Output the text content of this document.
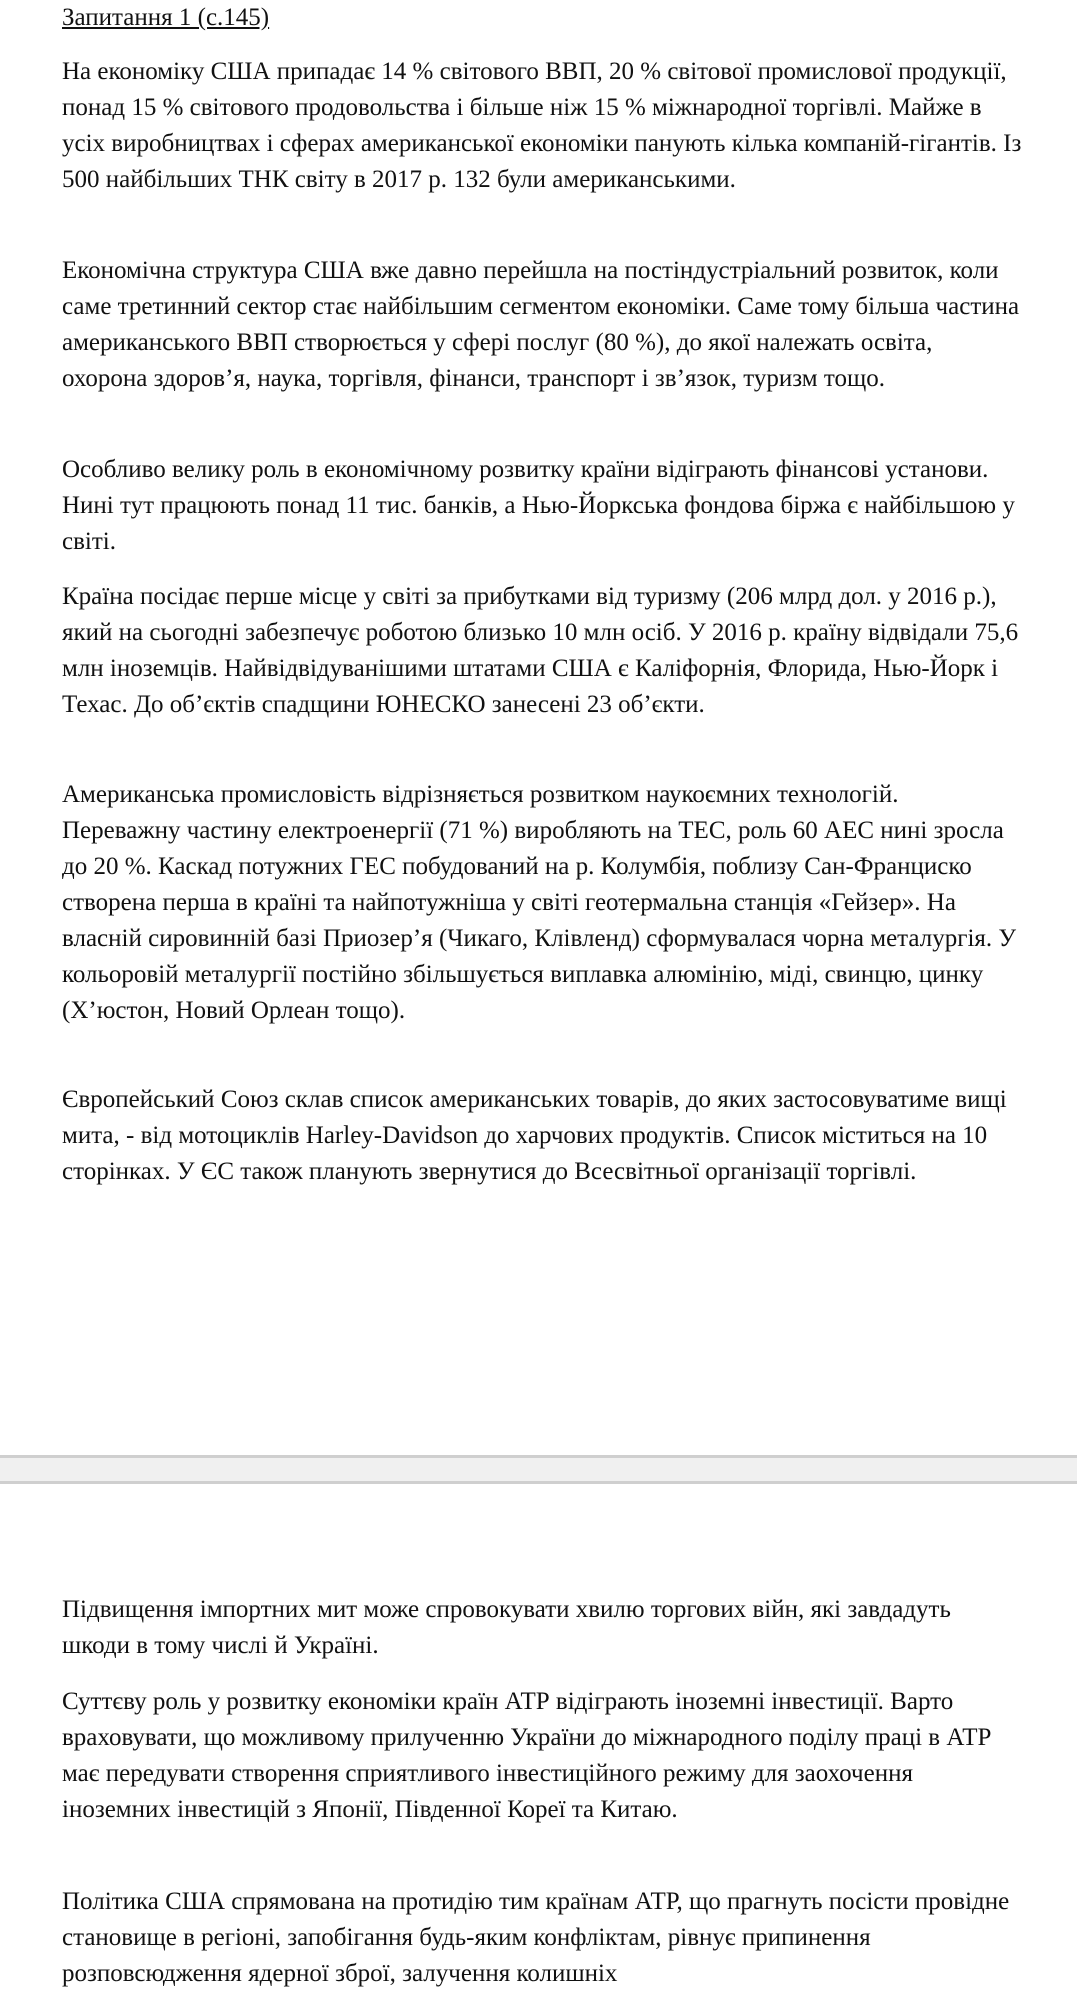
Запитання 1 (с.145)

На економіку США припадає 14 % світового ВВП, 20 % світової промислової продукції, понад 15 % світового продовольства і більше ніж 15 % міжнародної торгівлі. Майже в усіх виробництвах і сферах американської економіки панують кілька компаній-гігантів. Із 500 найбільших ТНК світу в 2017 р. 132 були американськими.

Економічна структура США вже давно перейшла на постіндустріальний розвиток, коли саме третинний сектор стає найбільшим сегментом економіки. Саме тому більша частина американського ВВП створюється у сфері послуг (80 %), до якої належать освіта, охорона здоров’я, наука, торгівля, фінанси, транспорт і зв’язок, туризм тощо.

Особливо велику роль в економічному розвитку країни відіграють фінансові установи. Нині тут працюють понад 11 тис. банків, а Нью-Йоркська фондова біржа є найбільшою у світі.

Країна посідає перше місце у світі за прибутками від туризму (206 млрд дол. у 2016 р.), який на сьогодні забезпечує роботою близько 10 млн осіб. У 2016 р. країну відвідали 75,6 млн іноземців. Найвідвідуванішими штатами США є Каліфорнія, Флорида, Нью-Йорк і Техас. До об’єктів спадщини ЮНЕСКО занесені 23 об’єкти.

Американська промисловість відрізняється розвитком наукоємних технологій. Переважну частину електроенергії (71 %) виробляють на ТЕС, роль 60 АЕС нині зросла до 20 %. Каскад потужних ГЕС побудований на р. Колумбія, поблизу Сан-Франциско створена перша в країні та найпотужніша у світі геотермальна станція «Гейзер». На власній сировинній базі Приозер’я (Чикаго, Клівленд) сформувалася чорна металургія. У кольоровій металургії постійно збільшується виплавка алюмінію, міді, свинцю, цинку (Х’юстон, Новий Орлеан тощо).

Європейський Союз склав список американських товарів, до яких застосовуватиме вищі мита, - від мотоциклів Harley-Davidson до харчових продуктів. Список міститься на 10 сторінках. У ЄС також планують звернутися до Всесвітньої організації торгівлі.

Підвищення імпортних мит може спровокувати хвилю торгових війн, які завдадуть шкоди в тому числі й Україні.

Суттєву роль у розвитку економіки країн АТР відіграють іноземні інвестиції. Варто враховувати, що можливому прилученню України до міжнародного поділу праці в АТР має передувати створення сприятливого інвестиційного режиму для заохочення іноземних інвестицій з Японії, Південної Кореї та Китаю.

Політика США спрямована на протидію тим країнам АТР, що прагнуть посісти провідне становище в регіоні, запобігання будь-яким конфліктам, рівнує припинення розповсюдження ядерної зброї, залучення колишніх
